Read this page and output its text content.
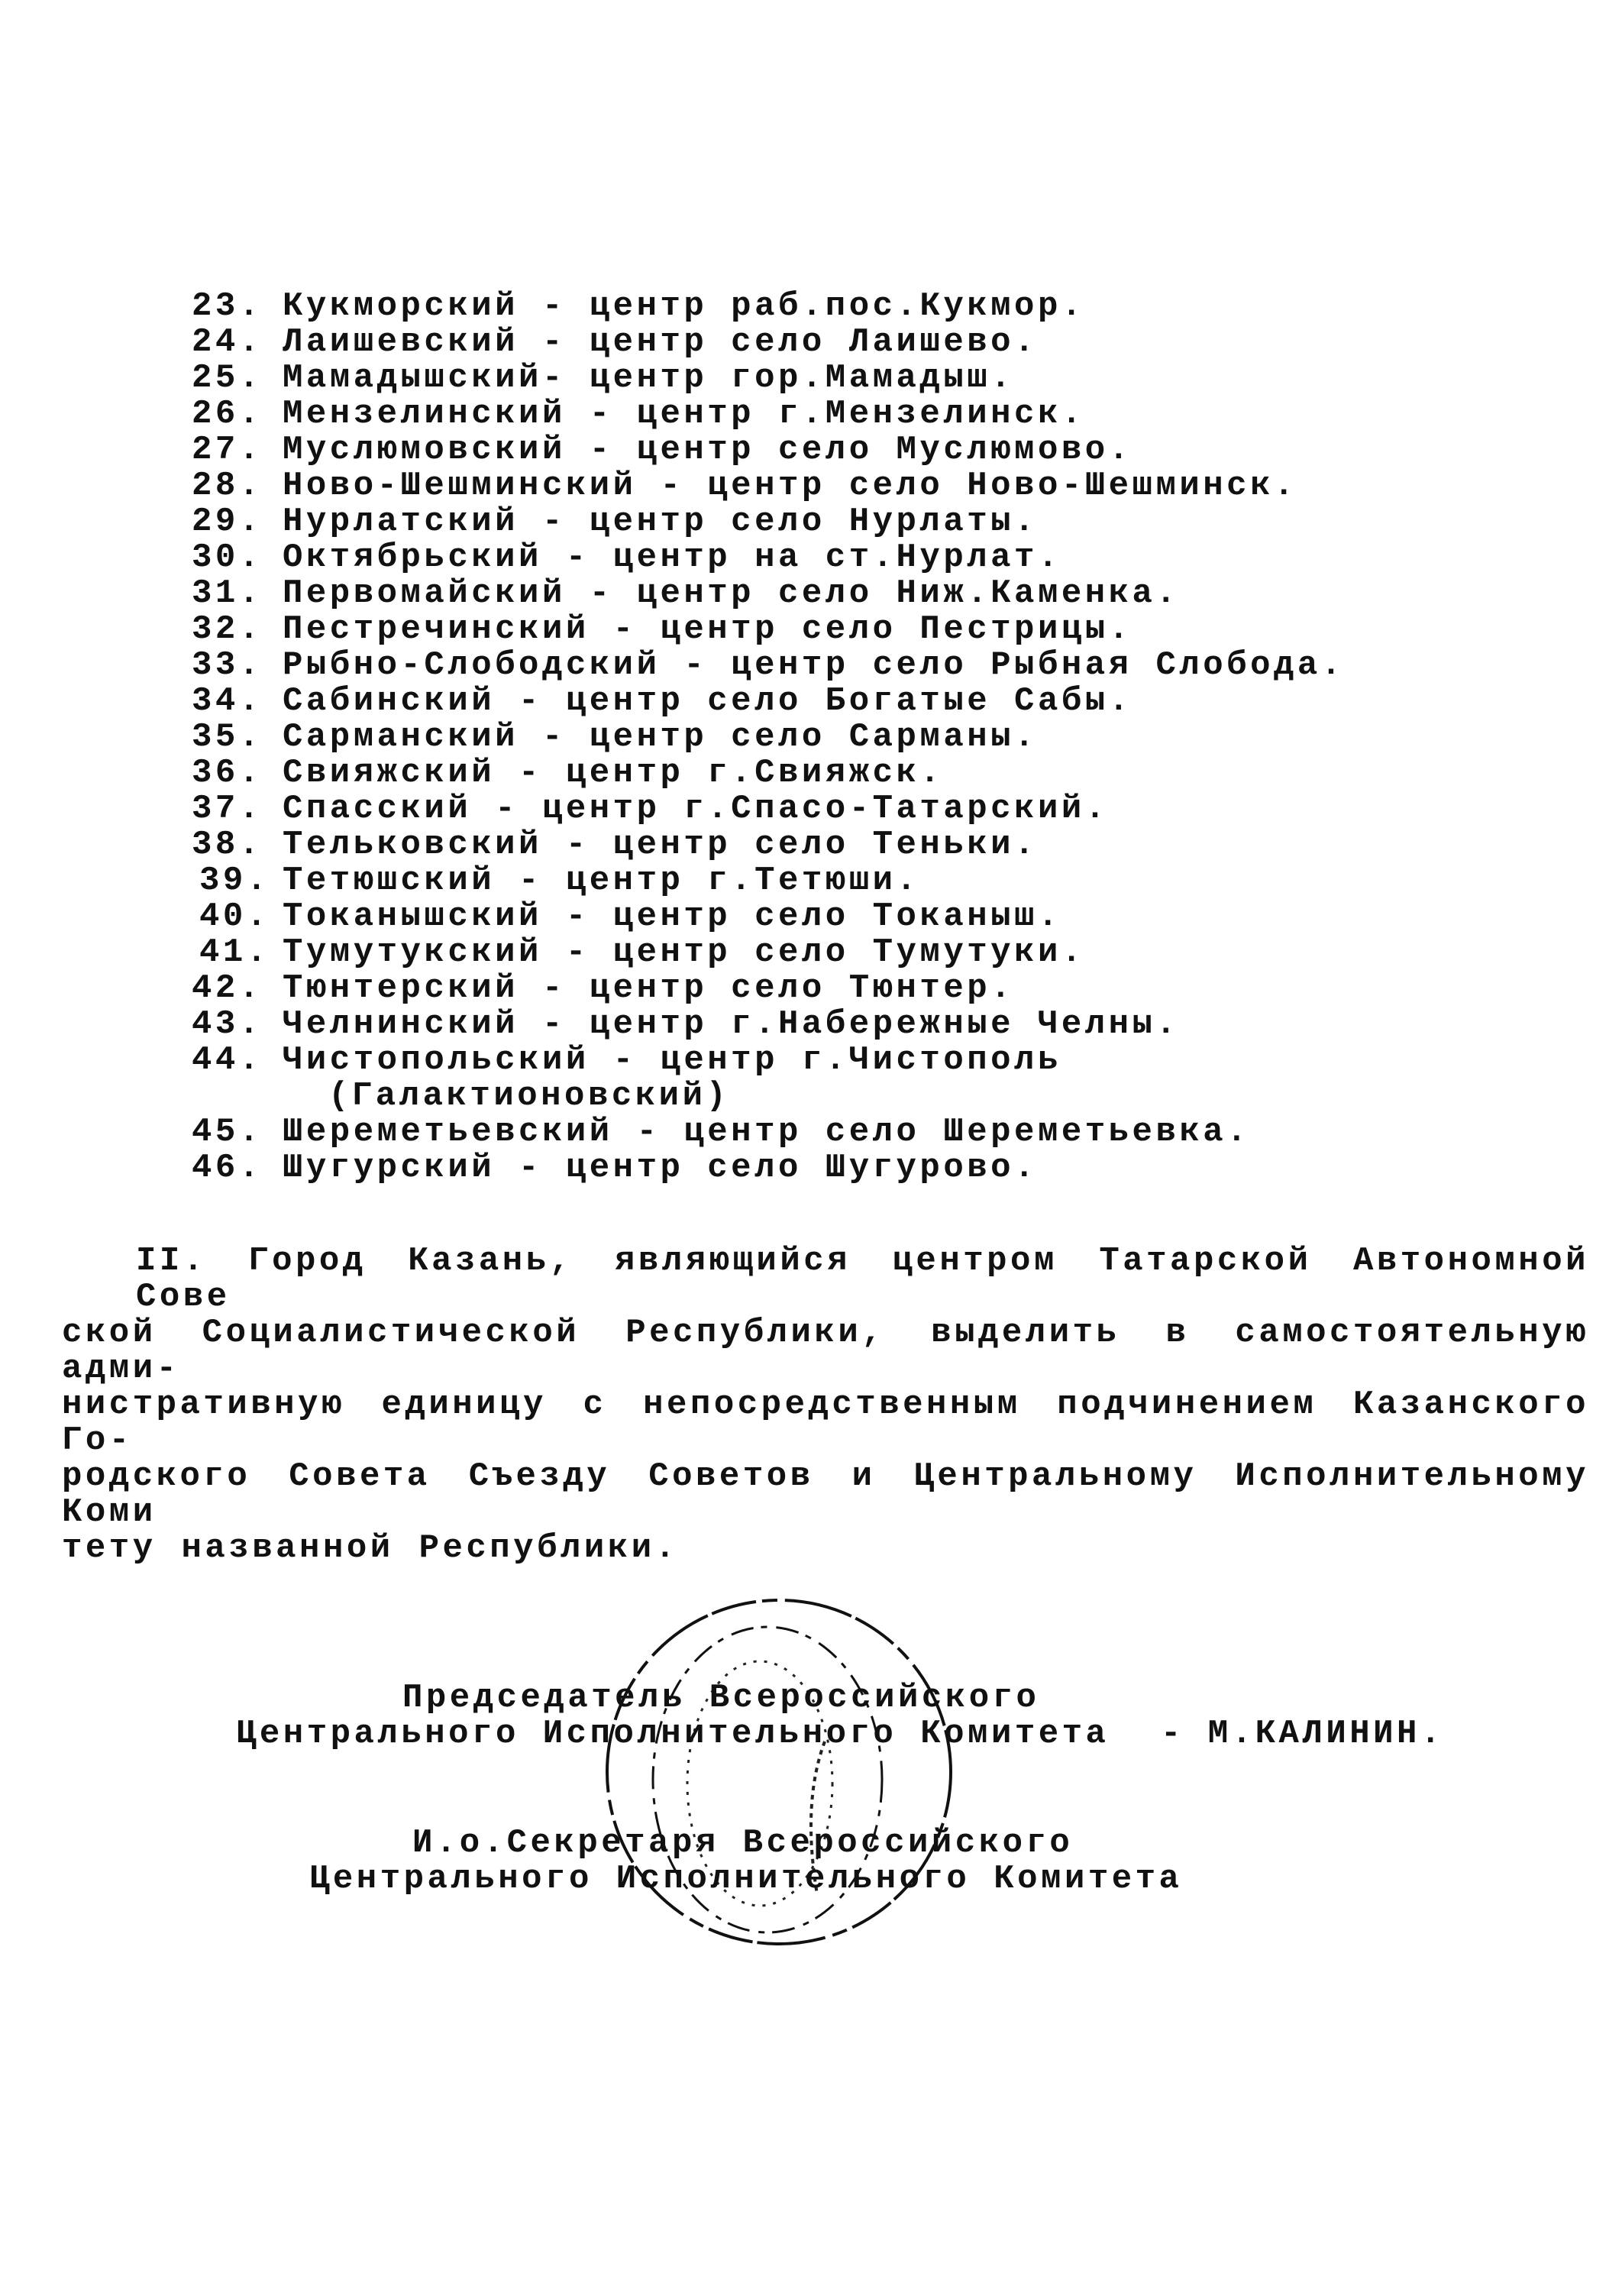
23. Кукморский - центр раб.пос.Кукмор.
24. Лаишевский - центр село Лаишево.
25. Мамадышский- центр гор.Мамадыш.
26. Мензелинский - центр г.Мензелинск.
27. Муслюмовский - центр село Муслюмово.
28. Ново-Шешминский - центр село Ново-Шешминск.
29. Нурлатский - центр село Нурлаты.
30. Октябрьский - центр на ст.Нурлат.
31. Первомайский - центр село Ниж.Каменка.
32. Пестречинский - центр село Пестрицы.
33. Рыбно-Слободский - центр село Рыбная Слобода.
34. Сабинский - центр село Богатые Сабы.
35. Сарманский - центр село Сарманы.
36. Свияжский - центр г.Свияжск.
37. Спасский - центр г.Спасо-Татарский.
38. Тельковский - центр село Теньки.
39. Тетюшский - центр г.Тетюши.
40. Токанышский - центр село Токаныш.
41. Тумутукский - центр село Тумутуки.
42. Тюнтерский - центр село Тюнтер.
43. Челнинский - центр г.Набережные Челны.
44. Чистопольский - центр г.Чистополь
(Галактионовский)
45. Шереметьевский - центр село Шереметьевка.
46. Шугурский - центр село Шугурово.
II. Город Казань, являющийся центром Татарской Автономной Сове
ской Социалистической Республики, выделить в самостоятельную адми-
нистративную единицу с непосредственным подчинением Казанского Го-
родского Совета Съезду Советов и Центральному Исполнительному Коми
тету названной Республики.
Председатель Всероссийского
Центрального Исполнительного Комитета - М.КАЛИНИН.
И.о.Секретаря Всероссийского
Центрального Исполнительного Комитета
